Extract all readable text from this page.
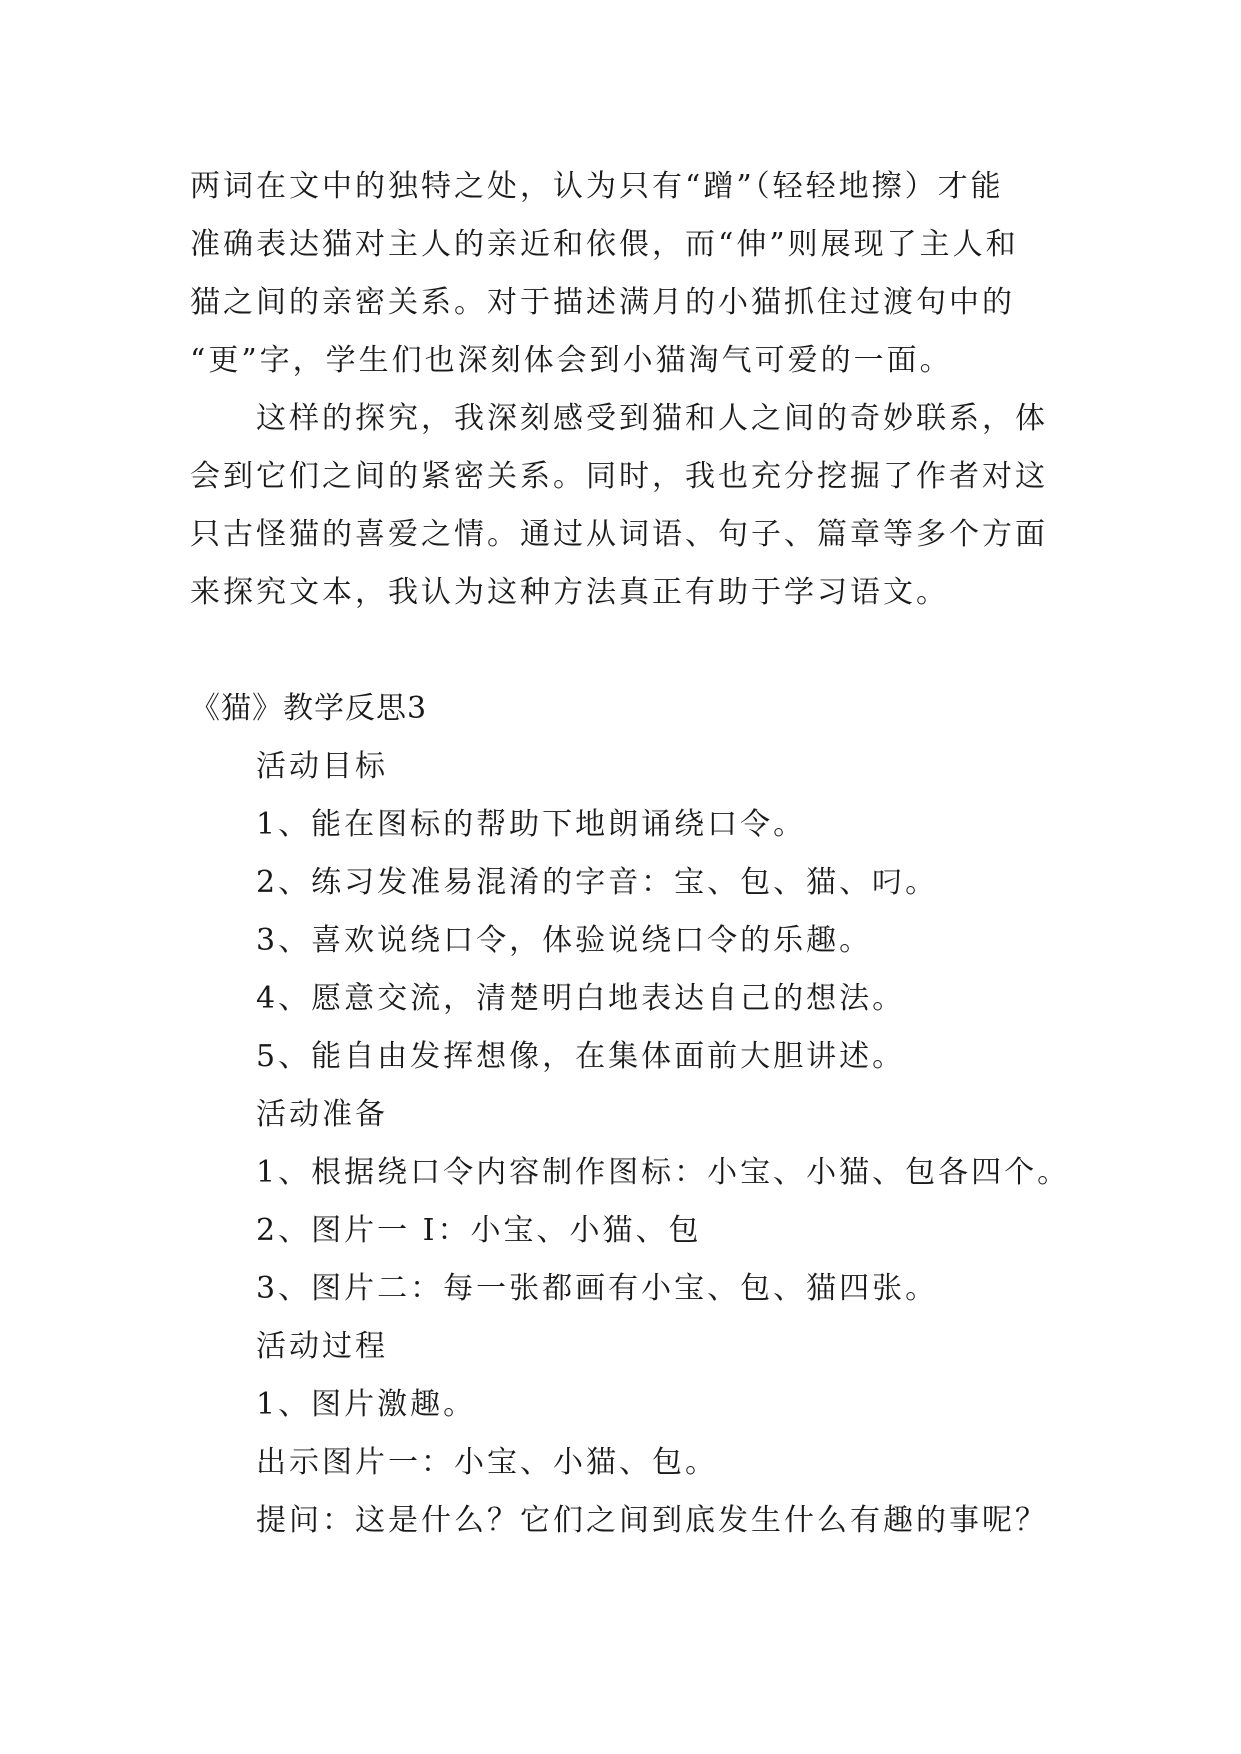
两词在文中的独特之处，认为只有“蹭”（轻轻地擦）才能
准确表达猫对主人的亲近和依偎，而“伸”则展现了主人和
猫之间的亲密关系。对于描述满月的小猫抓住过渡句中的
“更”字，学生们也深刻体会到小猫淘气可爱的一面。
　　这样的探究，我深刻感受到猫和人之间的奇妙联系，体
会到它们之间的紧密关系。同时，我也充分挖掘了作者对这
只古怪猫的喜爱之情。通过从词语、句子、篇章等多个方面
来探究文本，我认为这种方法真正有助于学习语文。

《猫》教学反思3

活动目标

1、能在图标的帮助下地朗诵绕口令。

2、练习发准易混淆的字音：宝、包、猫、叼。

3、喜欢说绕口令，体验说绕口令的乐趣。

4、愿意交流，清楚明白地表达自己的想法。

5、能自由发挥想像，在集体面前大胆讲述。

活动准备

1、根据绕口令内容制作图标：小宝、小猫、包各四个。

2、图片一 I：小宝、小猫、包

3、图片二：每一张都画有小宝、包、猫四张。

活动过程

1、图片激趣。

出示图片一：小宝、小猫、包。

提问：这是什么？它们之间到底发生什么有趣的事呢？
